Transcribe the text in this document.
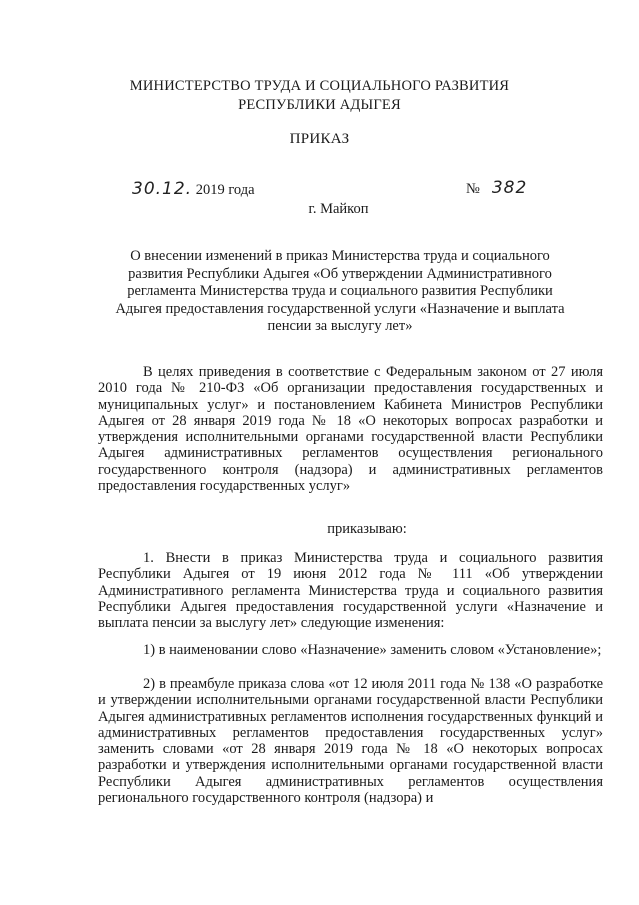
МИНИСТЕРСТВО ТРУДА И СОЦИАЛЬНОГО РАЗВИТИЯ
РЕСПУБЛИКИ АДЫГЕЯ
ПРИКАЗ
30.12. 2019 года	№ 382
г. Майкоп
О внесении изменений в приказ Министерства труда и социального развития Республики Адыгея «Об утверждении Административного регламента Министерства труда и социального развития Республики Адыгея предоставления государственной услуги «Назначение и выплата пенсии за выслугу лет»
В целях приведения в соответствие с Федеральным законом от 27 июля 2010 года № 210-ФЗ «Об организации предоставления государственных и муниципальных услуг» и постановлением Кабинета Министров Республики Адыгея от 28 января 2019 года № 18 «О некоторых вопросах разработки и утверждения исполнительными органами государственной власти Республики Адыгея административных регламентов осуществления регионального государственного контроля (надзора) и административных регламентов предоставления государственных услуг»
приказываю:
1. Внести в приказ Министерства труда и социального развития Республики Адыгея от 19 июня 2012 года № 111 «Об утверждении Административного регламента Министерства труда и социального развития Республики Адыгея предоставления государственной услуги «Назначение и выплата пенсии за выслугу лет» следующие изменения:
1) в наименовании слово «Назначение» заменить словом «Установление»;
2) в преамбуле приказа слова «от 12 июля 2011 года № 138 «О разработке и утверждении исполнительными органами государственной власти Республики Адыгея административных регламентов исполнения государственных функций и административных регламентов предоставления государственных услуг» заменить словами «от 28 января 2019 года № 18 «О некоторых вопросах разработки и утверждения исполнительными органами государственной власти Республики Адыгея административных регламентов осуществления регионального государственного контроля (надзора) и
